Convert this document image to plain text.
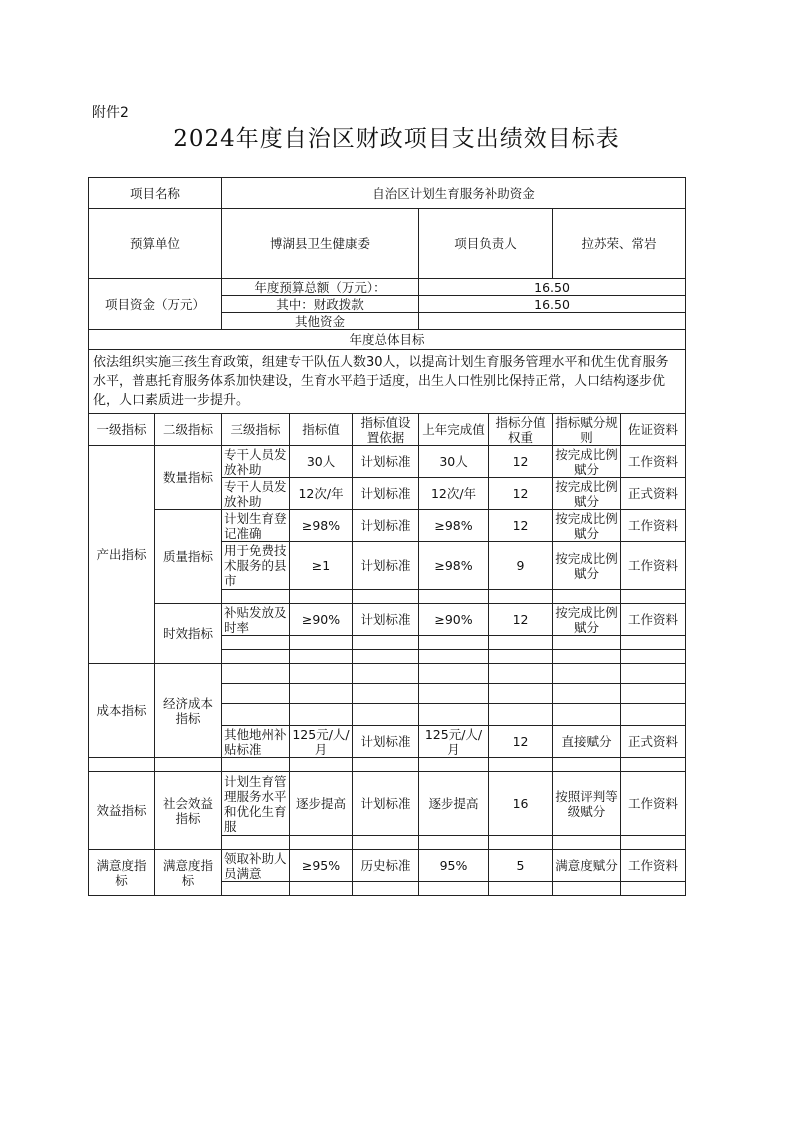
附件2
2024年度自治区财政项目支出绩效目标表
项目名称		自治区计划生育服务补助资金						
预算单位		博湖县卫生健康委			项目负责人		拉苏荣、常岩	
项目资金（万元）		年度预算总额（万元）：			16.50			
		其中：财政拨款			16.50			
		其他资金						
年度总体目标								
依法组织实施三孩生育政策，组建专干队伍人数30人，以提高计划生育服务管理水平和优生优育服务水平，普惠托育服务体系加快建设，生育水平趋于适度，出生人口性别比保持正常，人口结构逐步优化，人口素质进一步提升。								
一级指标	二级指标	三级指标	指标值	指标值设置依据	上年完成值	指标分值权重	指标赋分规则	佐证资料
产出指标	数量指标	专干人员发放补助	30人	计划标准	30人	12	按完成比例赋分	工作资料
		专干人员发放补助	12次/年	计划标准	12次/年	12	按完成比例赋分	正式资料
	质量指标	计划生育登记准确	≥98%	计划标准	≥98%	12	按完成比例赋分	工作资料
		用于免费技术服务的县市	≥1	计划标准	≥98%	9	按完成比例赋分	工作资料

	时效指标	补贴发放及时率	≥90%	计划标准	≥90%	12	按完成比例赋分	工作资料

成本指标	经济成本指标							

		其他地州补贴标准	125元/人/月	计划标准	125元/人/月	12	直接赋分	正式资料

效益指标	社会效益指标	计划生育管理服务水平和优化生育服	逐步提高	计划标准	逐步提高	16	按照评判等级赋分	工作资料

满意度指标	满意度指标	领取补助人员满意	≥95%	历史标准	95%	5	满意度赋分	工作资料
